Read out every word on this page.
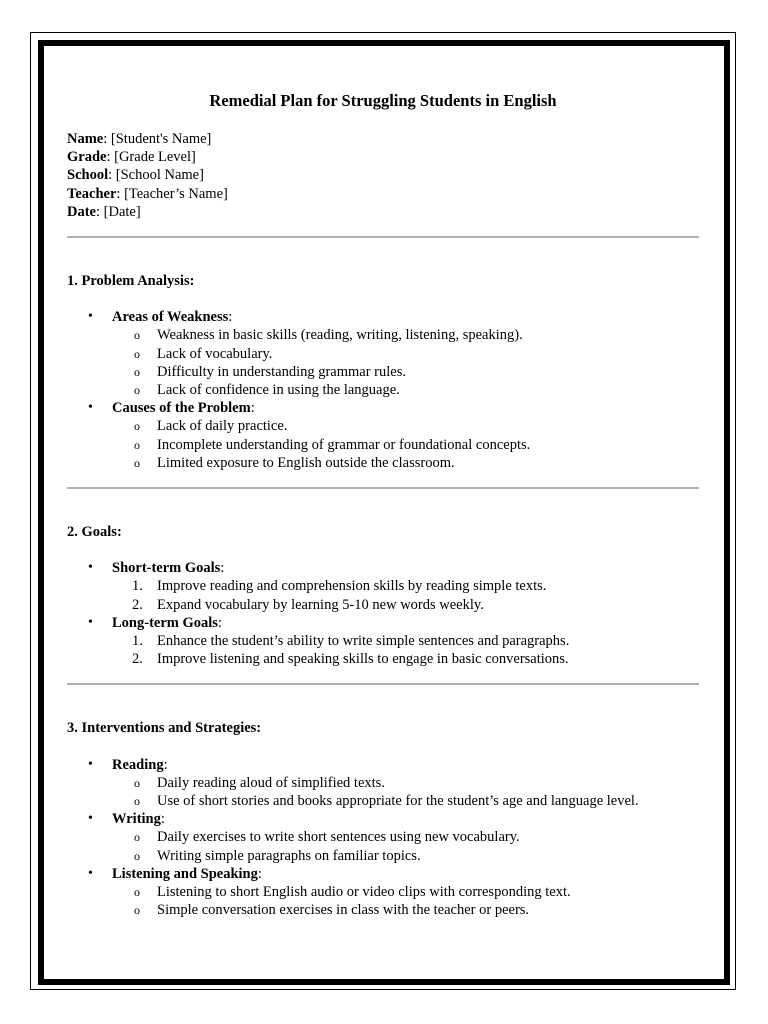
Remedial Plan for Struggling Students in English
Name: [Student's Name]
Grade: [Grade Level]
School: [School Name]
Teacher: [Teacher’s Name]
Date: [Date]
1. Problem Analysis:
• Areas of Weakness:
o Weakness in basic skills (reading, writing, listening, speaking).
o Lack of vocabulary.
o Difficulty in understanding grammar rules.
o Lack of confidence in using the language.
• Causes of the Problem:
o Lack of daily practice.
o Incomplete understanding of grammar or foundational concepts.
o Limited exposure to English outside the classroom.
2. Goals:
• Short-term Goals:
1. Improve reading and comprehension skills by reading simple texts.
2. Expand vocabulary by learning 5-10 new words weekly.
• Long-term Goals:
1. Enhance the student’s ability to write simple sentences and paragraphs.
2. Improve listening and speaking skills to engage in basic conversations.
3. Interventions and Strategies:
• Reading:
o Daily reading aloud of simplified texts.
o Use of short stories and books appropriate for the student’s age and language level.
• Writing:
o Daily exercises to write short sentences using new vocabulary.
o Writing simple paragraphs on familiar topics.
• Listening and Speaking:
o Listening to short English audio or video clips with corresponding text.
o Simple conversation exercises in class with the teacher or peers.
